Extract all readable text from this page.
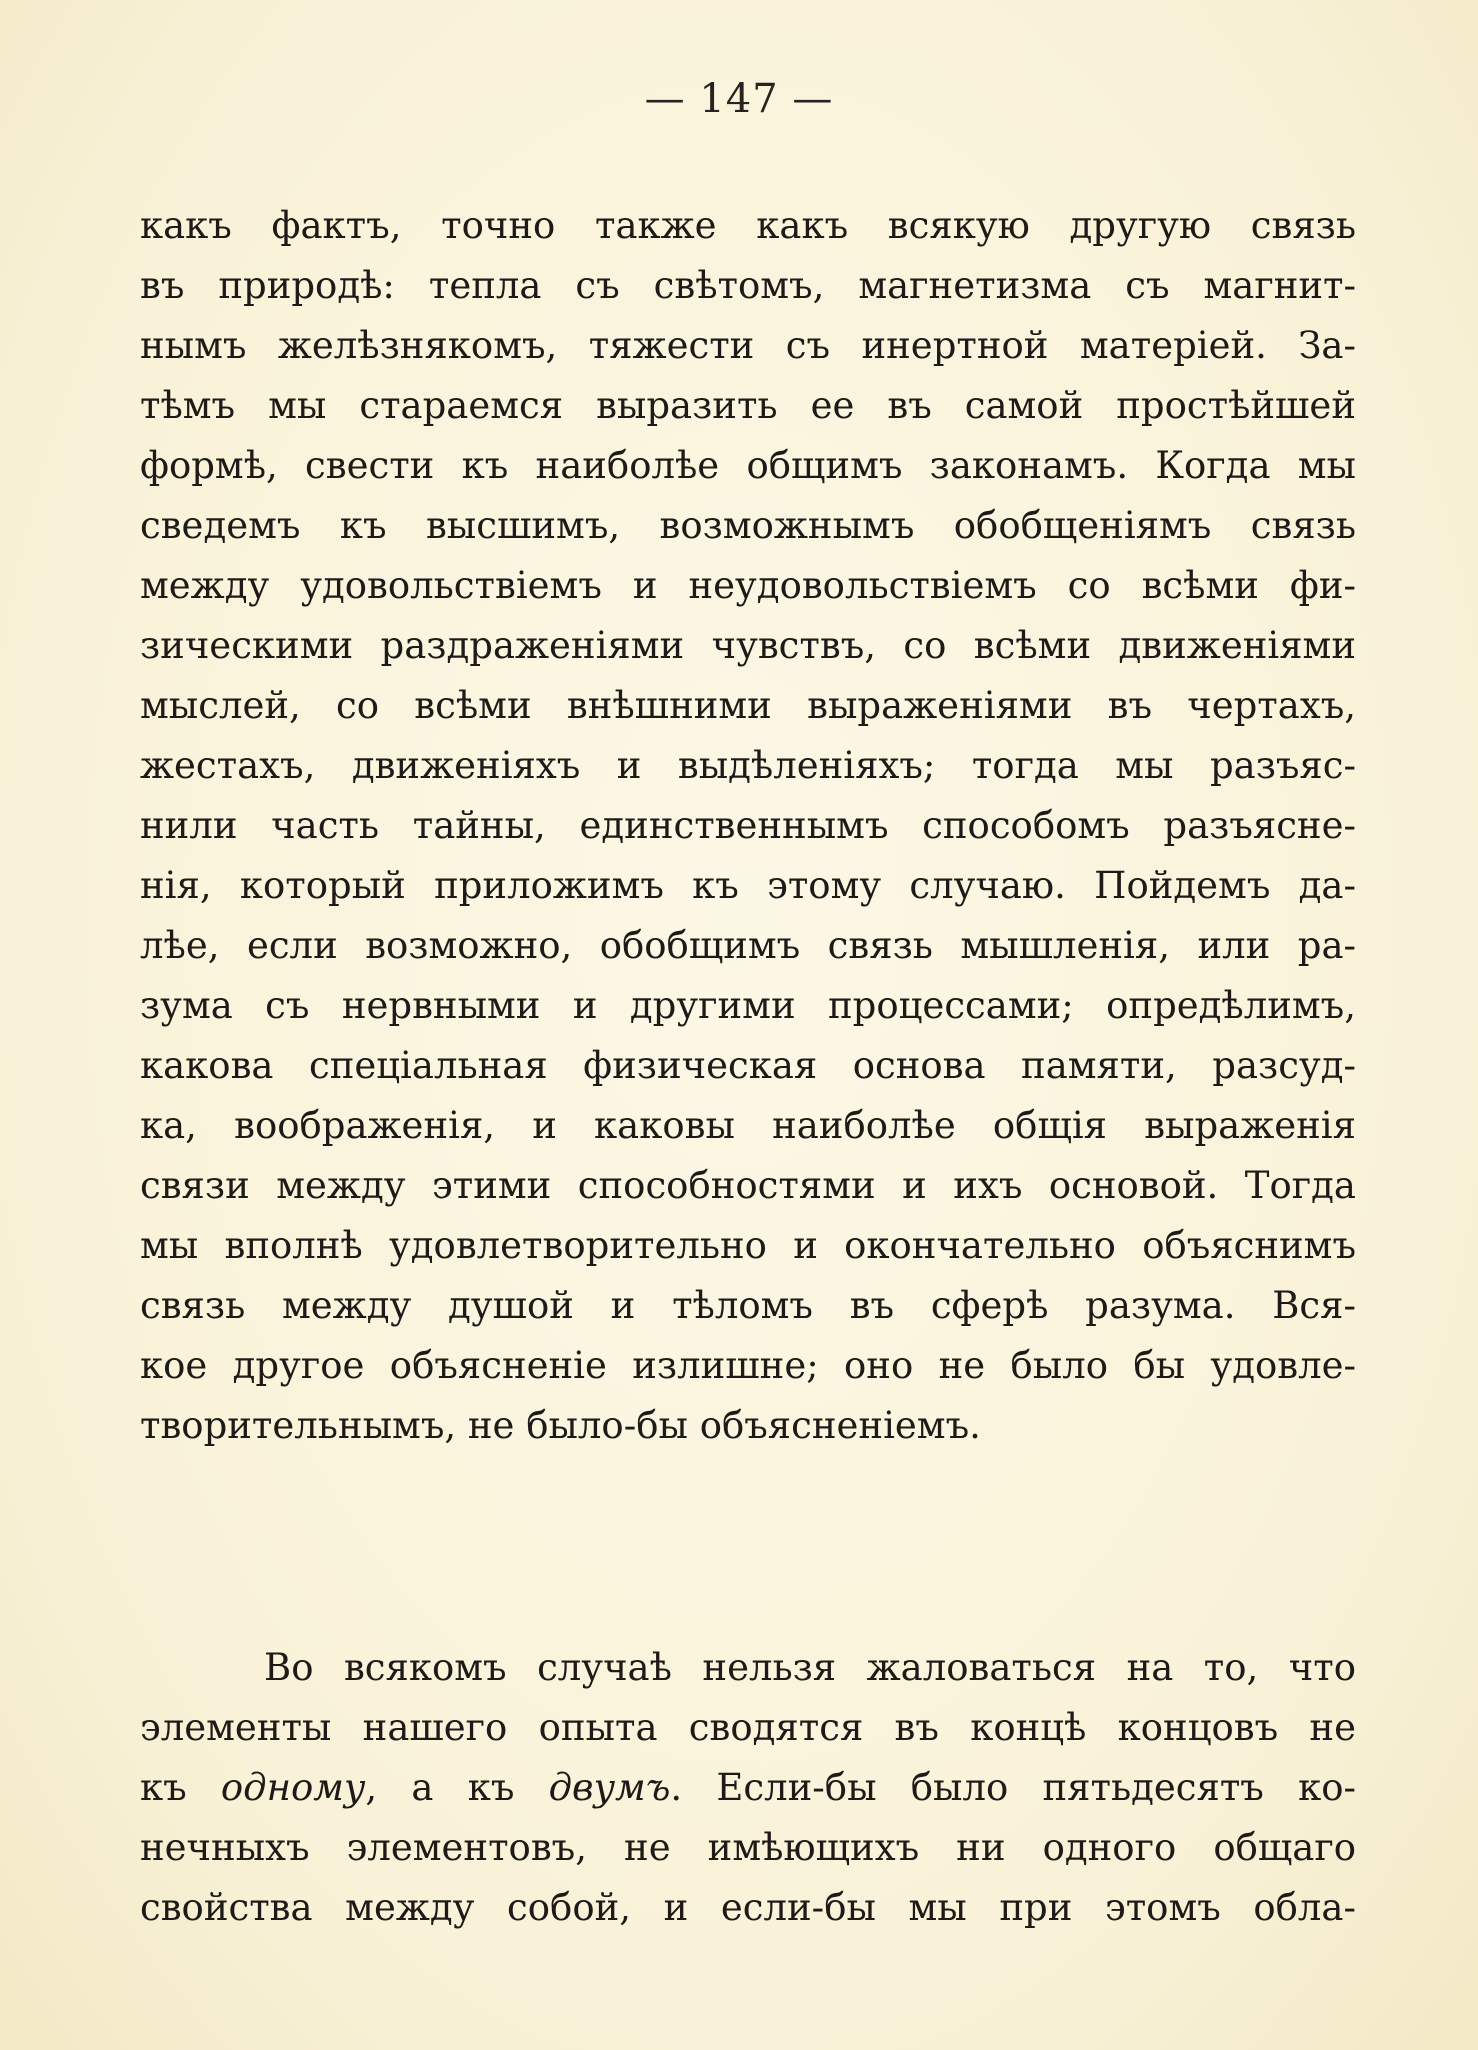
— 147 —
какъ фактъ, точно также какъ всякую другую связь
въ природѣ: тепла съ свѣтомъ, магнетизма съ магнит-
нымъ желѣзнякомъ, тяжести съ инертной матеріей. За-
тѣмъ мы стараемся выразить ее въ самой простѣйшей
формѣ, свести къ наиболѣе общимъ законамъ. Когда мы
сведемъ къ высшимъ, возможнымъ обобщеніямъ связь
между удовольствіемъ и неудовольствіемъ со всѣми фи-
зическими раздраженіями чувствъ, со всѣми движеніями
мыслей, со всѣми внѣшними выраженіями въ чертахъ,
жестахъ, движеніяхъ и выдѣленіяхъ; тогда мы разъяс-
нили часть тайны, единственнымъ способомъ разъясне-
нія, который приложимъ къ этому случаю. Пойдемъ да-
лѣе, если возможно, обобщимъ связь мышленія, или ра-
зума съ нервными и другими процессами; опредѣлимъ,
какова спеціальная физическая основа памяти, разсуд-
ка, воображенія, и каковы наиболѣе общія выраженія
связи между этими способностями и ихъ основой. Тогда
мы вполнѣ удовлетворительно и окончательно объяснимъ
связь между душой и тѣломъ въ сферѣ разума. Вся-
кое другое объясненіе излишне; оно не было бы удовле-
творительнымъ, не было-бы объясненіемъ.
Во всякомъ случаѣ нельзя жаловаться на то, что
элементы нашего опыта сводятся въ концѣ концовъ не
къ одному, а къ двумъ. Если-бы было пятьдесятъ ко-
нечныхъ элементовъ, не имѣющихъ ни одного общаго
свойства между собой, и если-бы мы при этомъ обла-
